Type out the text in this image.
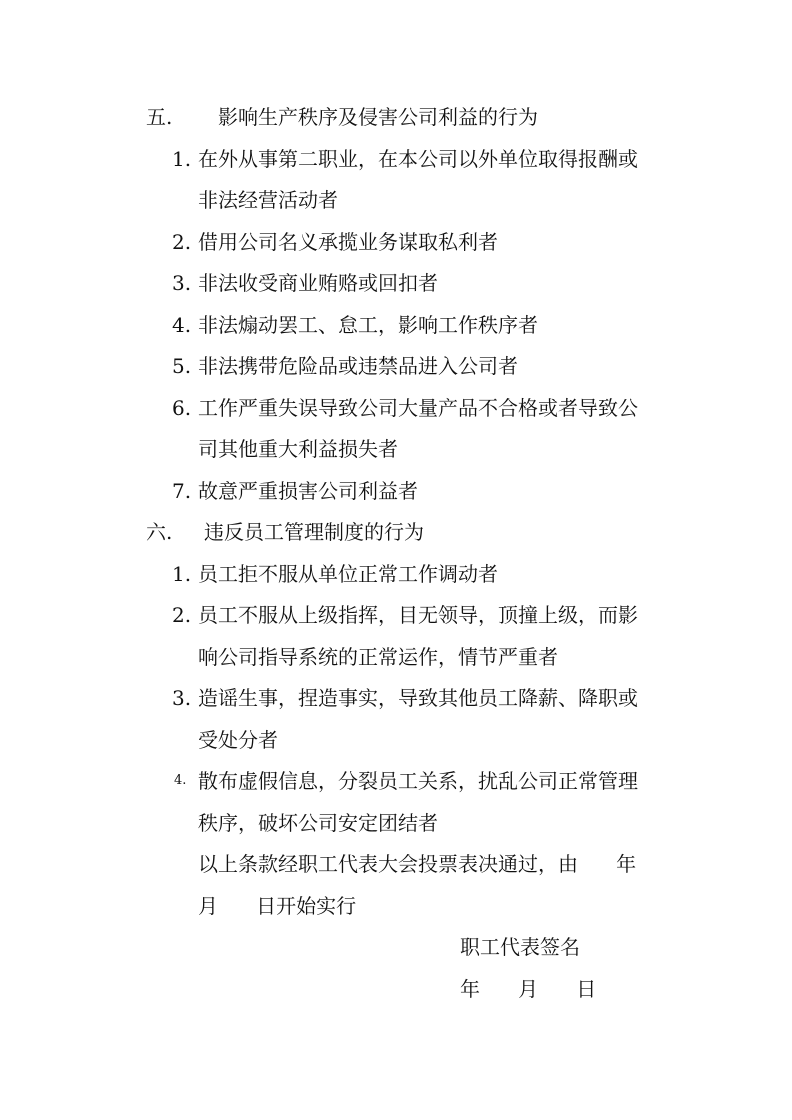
五. 影响生产秩序及侵害公司利益的行为
1. 在外从事第二职业，在本公司以外单位取得报酬或
非法经营活动者
2. 借用公司名义承揽业务谋取私利者
3. 非法收受商业贿赂或回扣者
4. 非法煽动罢工、怠工，影响工作秩序者
5. 非法携带危险品或违禁品进入公司者
6. 工作严重失误导致公司大量产品不合格或者导致公
司其他重大利益损失者
7. 故意严重损害公司利益者
六. 违反员工管理制度的行为
1. 员工拒不服从单位正常工作调动者
2. 员工不服从上级指挥，目无领导，顶撞上级，而影
响公司指导系统的正常运作，情节严重者
3. 造谣生事，捏造事实，导致其他员工降薪、降职或
受处分者
4. 散布虚假信息，分裂员工关系，扰乱公司正常管理
秩序，破坏公司安定团结者
以上条款经职工代表大会投票表决通过，由      年
月      日开始实行
职工代表签名
年      月      日
